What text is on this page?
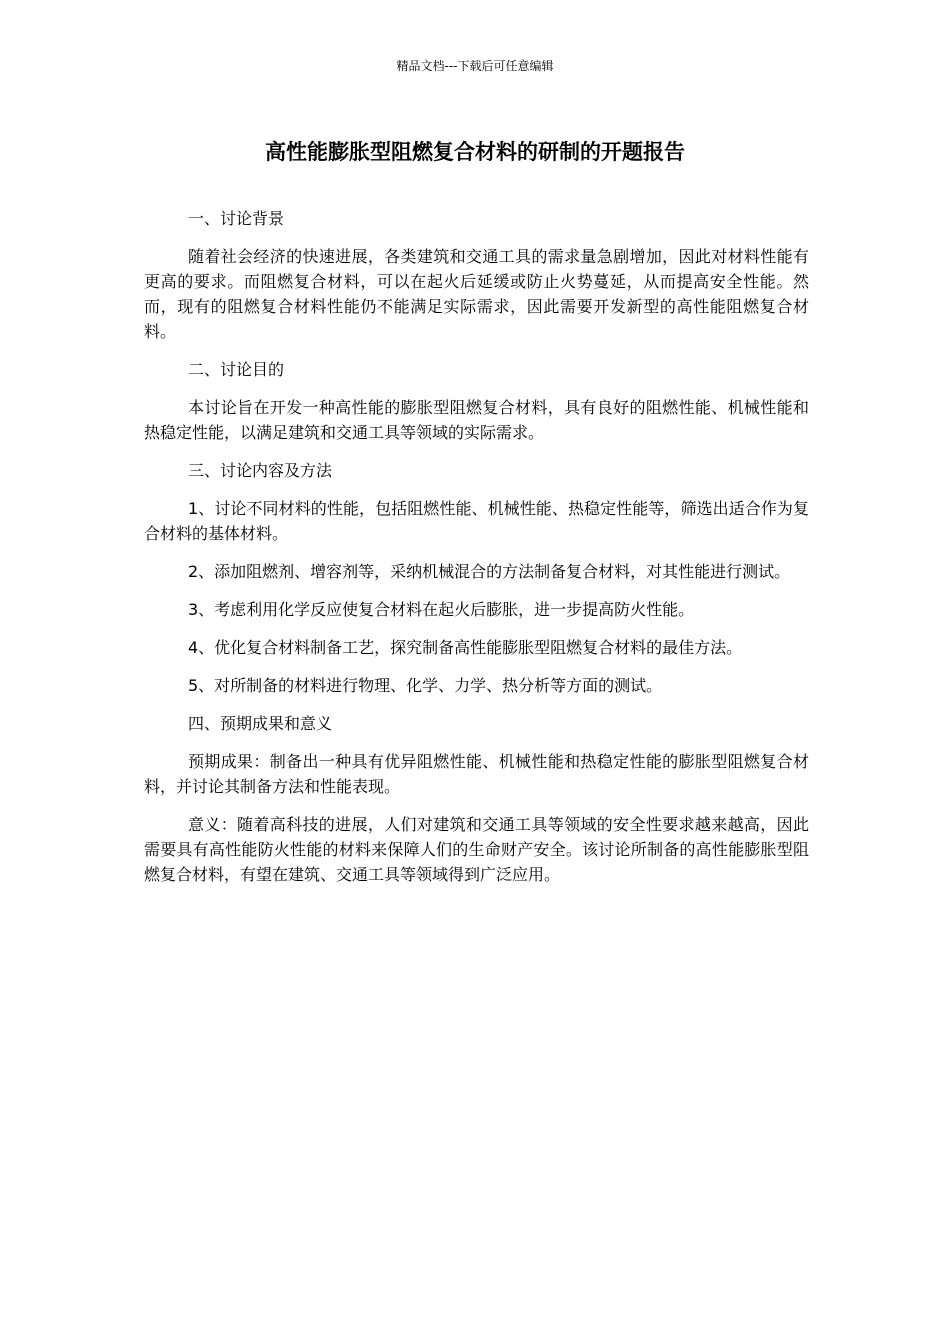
精品文档---下载后可任意编辑
高性能膨胀型阻燃复合材料的研制的开题报告

一、讨论背景

随着社会经济的快速进展，各类建筑和交通工具的需求量急剧增加，因此对材料性能有更高的要求。而阻燃复合材料，可以在起火后延缓或防止火势蔓延，从而提高安全性能。然而，现有的阻燃复合材料性能仍不能满足实际需求，因此需要开发新型的高性能阻燃复合材料。

二、讨论目的

本讨论旨在开发一种高性能的膨胀型阻燃复合材料，具有良好的阻燃性能、机械性能和热稳定性能，以满足建筑和交通工具等领域的实际需求。

三、讨论内容及方法

1、讨论不同材料的性能，包括阻燃性能、机械性能、热稳定性能等，筛选出适合作为复合材料的基体材料。

2、添加阻燃剂、增容剂等，采纳机械混合的方法制备复合材料，对其性能进行测试。

3、考虑利用化学反应使复合材料在起火后膨胀，进一步提高防火性能。

4、优化复合材料制备工艺，探究制备高性能膨胀型阻燃复合材料的最佳方法。

5、对所制备的材料进行物理、化学、力学、热分析等方面的测试。

四、预期成果和意义

预期成果：制备出一种具有优异阻燃性能、机械性能和热稳定性能的膨胀型阻燃复合材料，并讨论其制备方法和性能表现。

意义：随着高科技的进展，人们对建筑和交通工具等领域的安全性要求越来越高，因此需要具有高性能防火性能的材料来保障人们的生命财产安全。该讨论所制备的高性能膨胀型阻燃复合材料，有望在建筑、交通工具等领域得到广泛应用。
